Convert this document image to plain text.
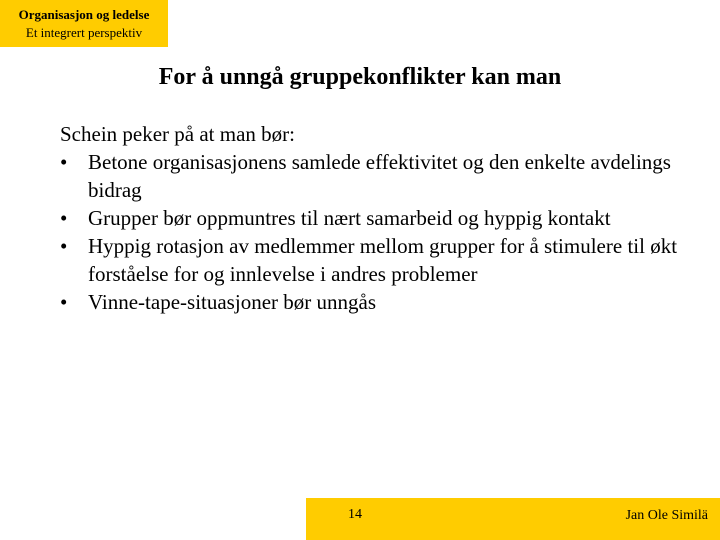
Organisasjon og ledelse
Et integrert perspektiv
For å unngå gruppekonflikter kan man

Schein peker på at man bør:

• Betone organisasjonens samlede effektivitet og den enkelte avdelings bidrag
• Grupper bør oppmuntres til nært samarbeid og hyppig kontakt
• Hyppig rotasjon av medlemmer mellom grupper for å stimulere til økt forståelse for og innlevelse i andres problemer
• Vinne-tape-situasjoner bør unngås
14	Jan Ole Similä
